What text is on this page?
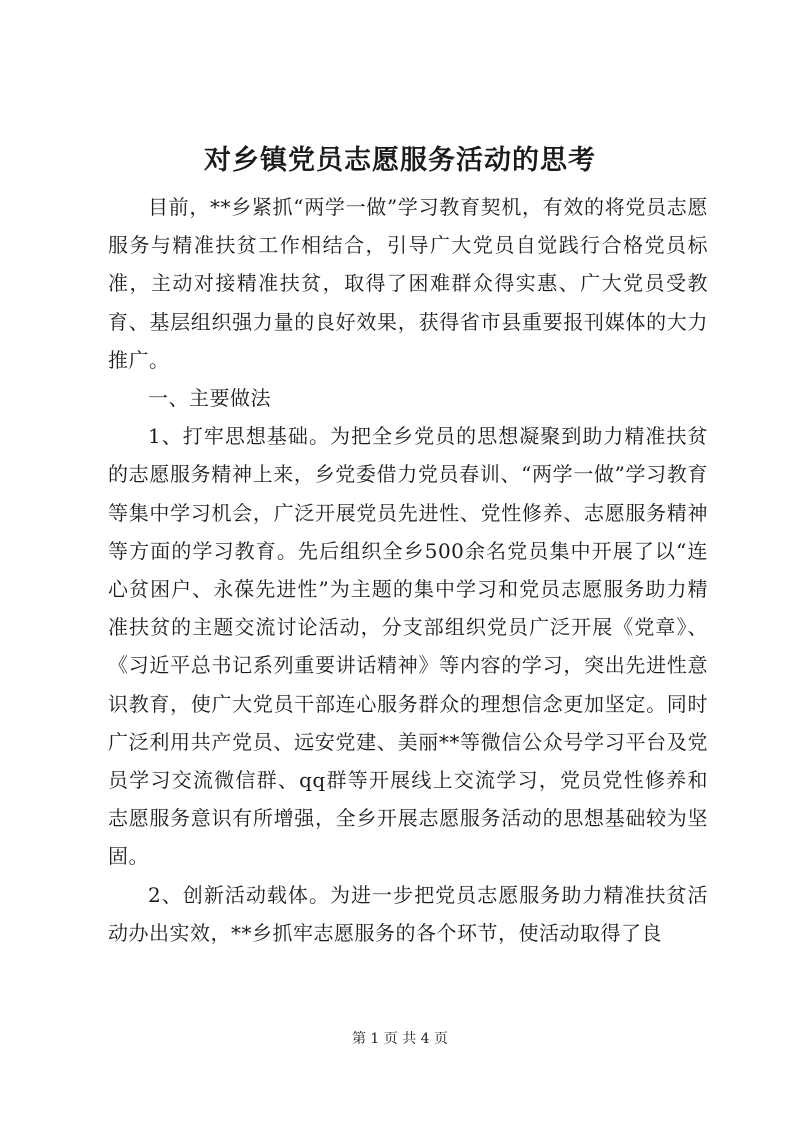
对乡镇党员志愿服务活动的思考

目前，**乡紧抓“两学一做”学习教育契机，有效的将党员志愿服务与精准扶贫工作相结合，引导广大党员自觉践行合格党员标准，主动对接精准扶贫，取得了困难群众得实惠、广大党员受教育、基层组织强力量的良好效果，获得省市县重要报刊媒体的大力推广。

一、主要做法

1、打牢思想基础。为把全乡党员的思想凝聚到助力精准扶贫的志愿服务精神上来，乡党委借力党员春训、“两学一做”学习教育等集中学习机会，广泛开展党员先进性、党性修养、志愿服务精神等方面的学习教育。先后组织全乡500余名党员集中开展了以“连心贫困户、永葆先进性”为主题的集中学习和党员志愿服务助力精准扶贫的主题交流讨论活动，分支部组织党员广泛开展《党章》、《习近平总书记系列重要讲话精神》等内容的学习，突出先进性意识教育，使广大党员干部连心服务群众的理想信念更加坚定。同时广泛利用共产党员、远安党建、美丽**等微信公众号学习平台及党员学习交流微信群、qq群等开展线上交流学习，党员党性修养和志愿服务意识有所增强，全乡开展志愿服务活动的思想基础较为坚固。

2、创新活动载体。为进一步把党员志愿服务助力精准扶贫活动办出实效，**乡抓牢志愿服务的各个环节，使活动取得了良

第 1 页 共 4 页
